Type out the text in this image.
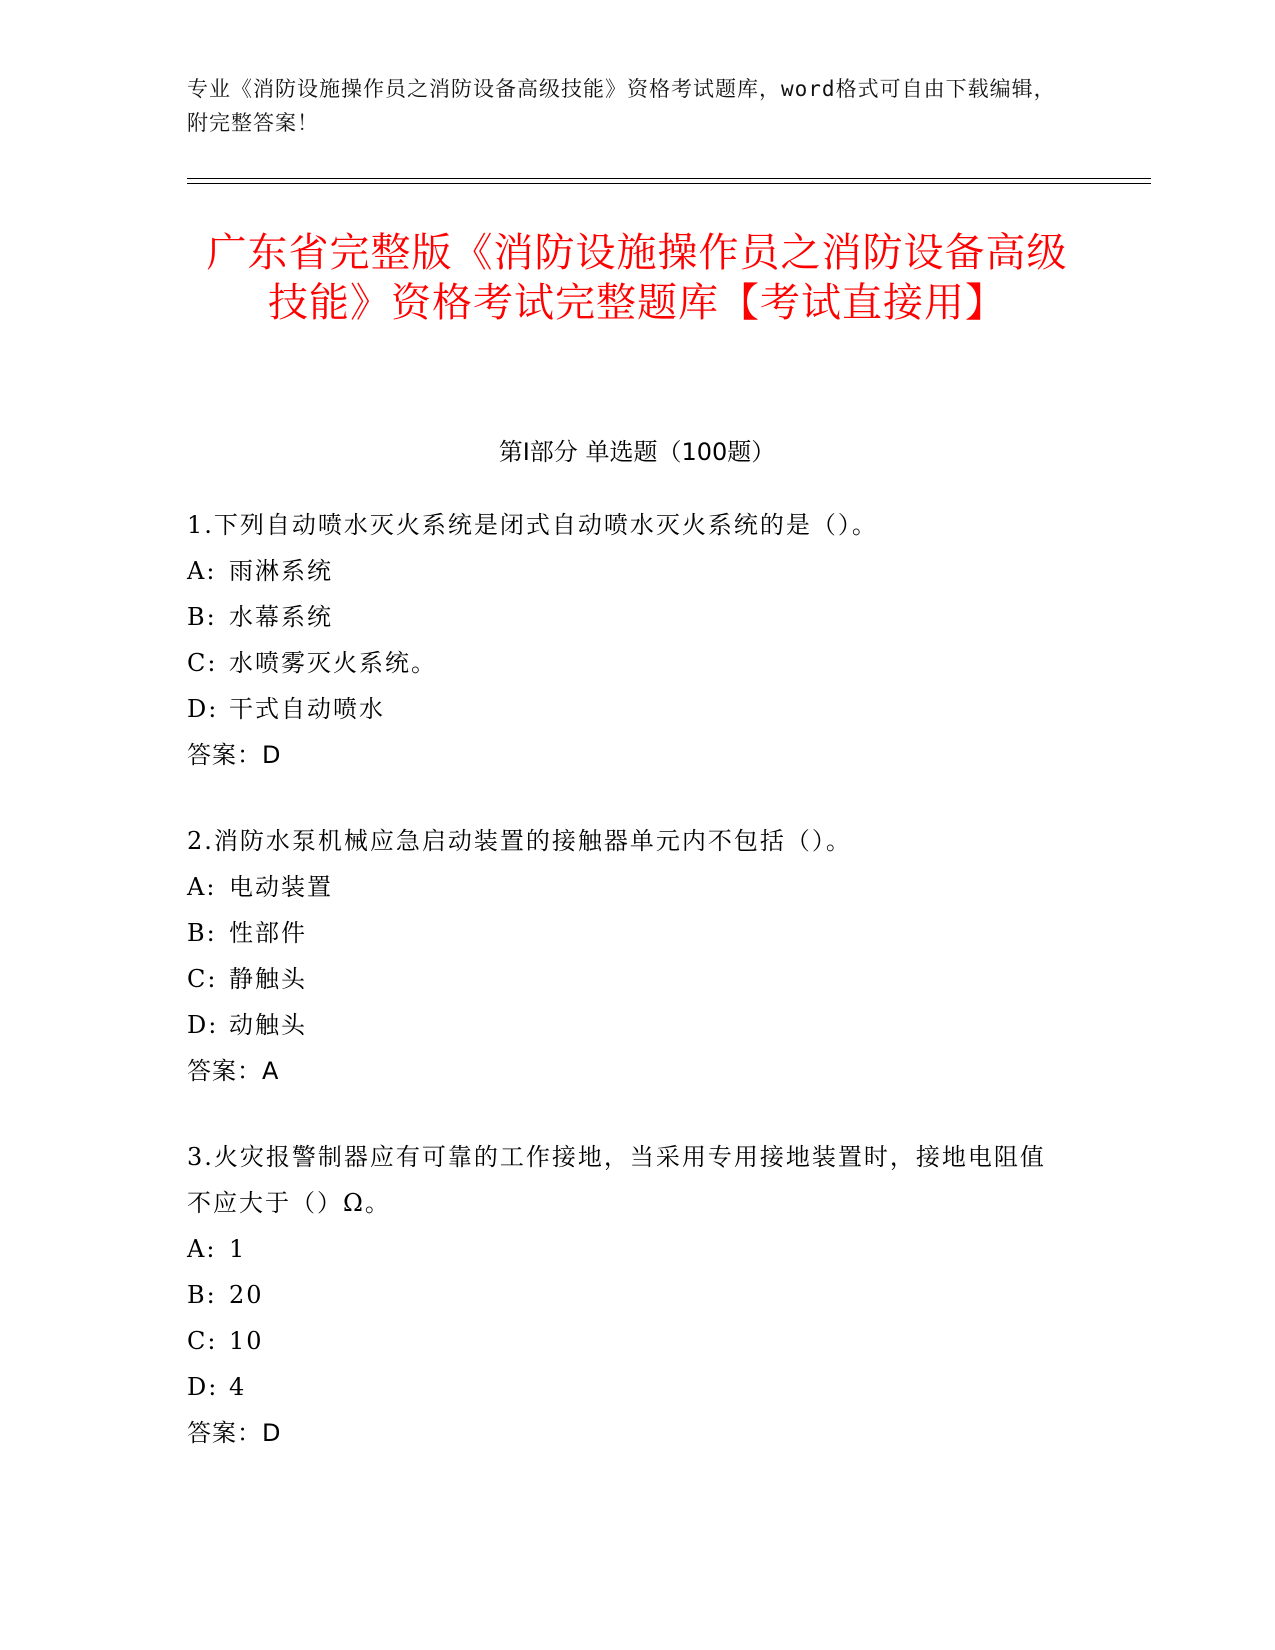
专业《消防设施操作员之消防设备高级技能》资格考试题库，word格式可自由下载编辑，附完整答案！
广东省完整版《消防设施操作员之消防设备高级技能》资格考试完整题库【考试直接用】
第I部分 单选题（100题）
1.下列自动喷水灭火系统是闭式自动喷水灭火系统的是（）。
A: 雨淋系统
B: 水幕系统
C: 水喷雾灭火系统。
D: 干式自动喷水
答案：D
2.消防水泵机械应急启动装置的接触器单元内不包括（）。
A: 电动装置
B: 性部件
C: 静触头
D: 动触头
答案：A
3.火灾报警制器应有可靠的工作接地，当采用专用接地装置时，接地电阻值不应大于（）Ω。
A: 1
B: 20
C: 10
D: 4
答案：D
